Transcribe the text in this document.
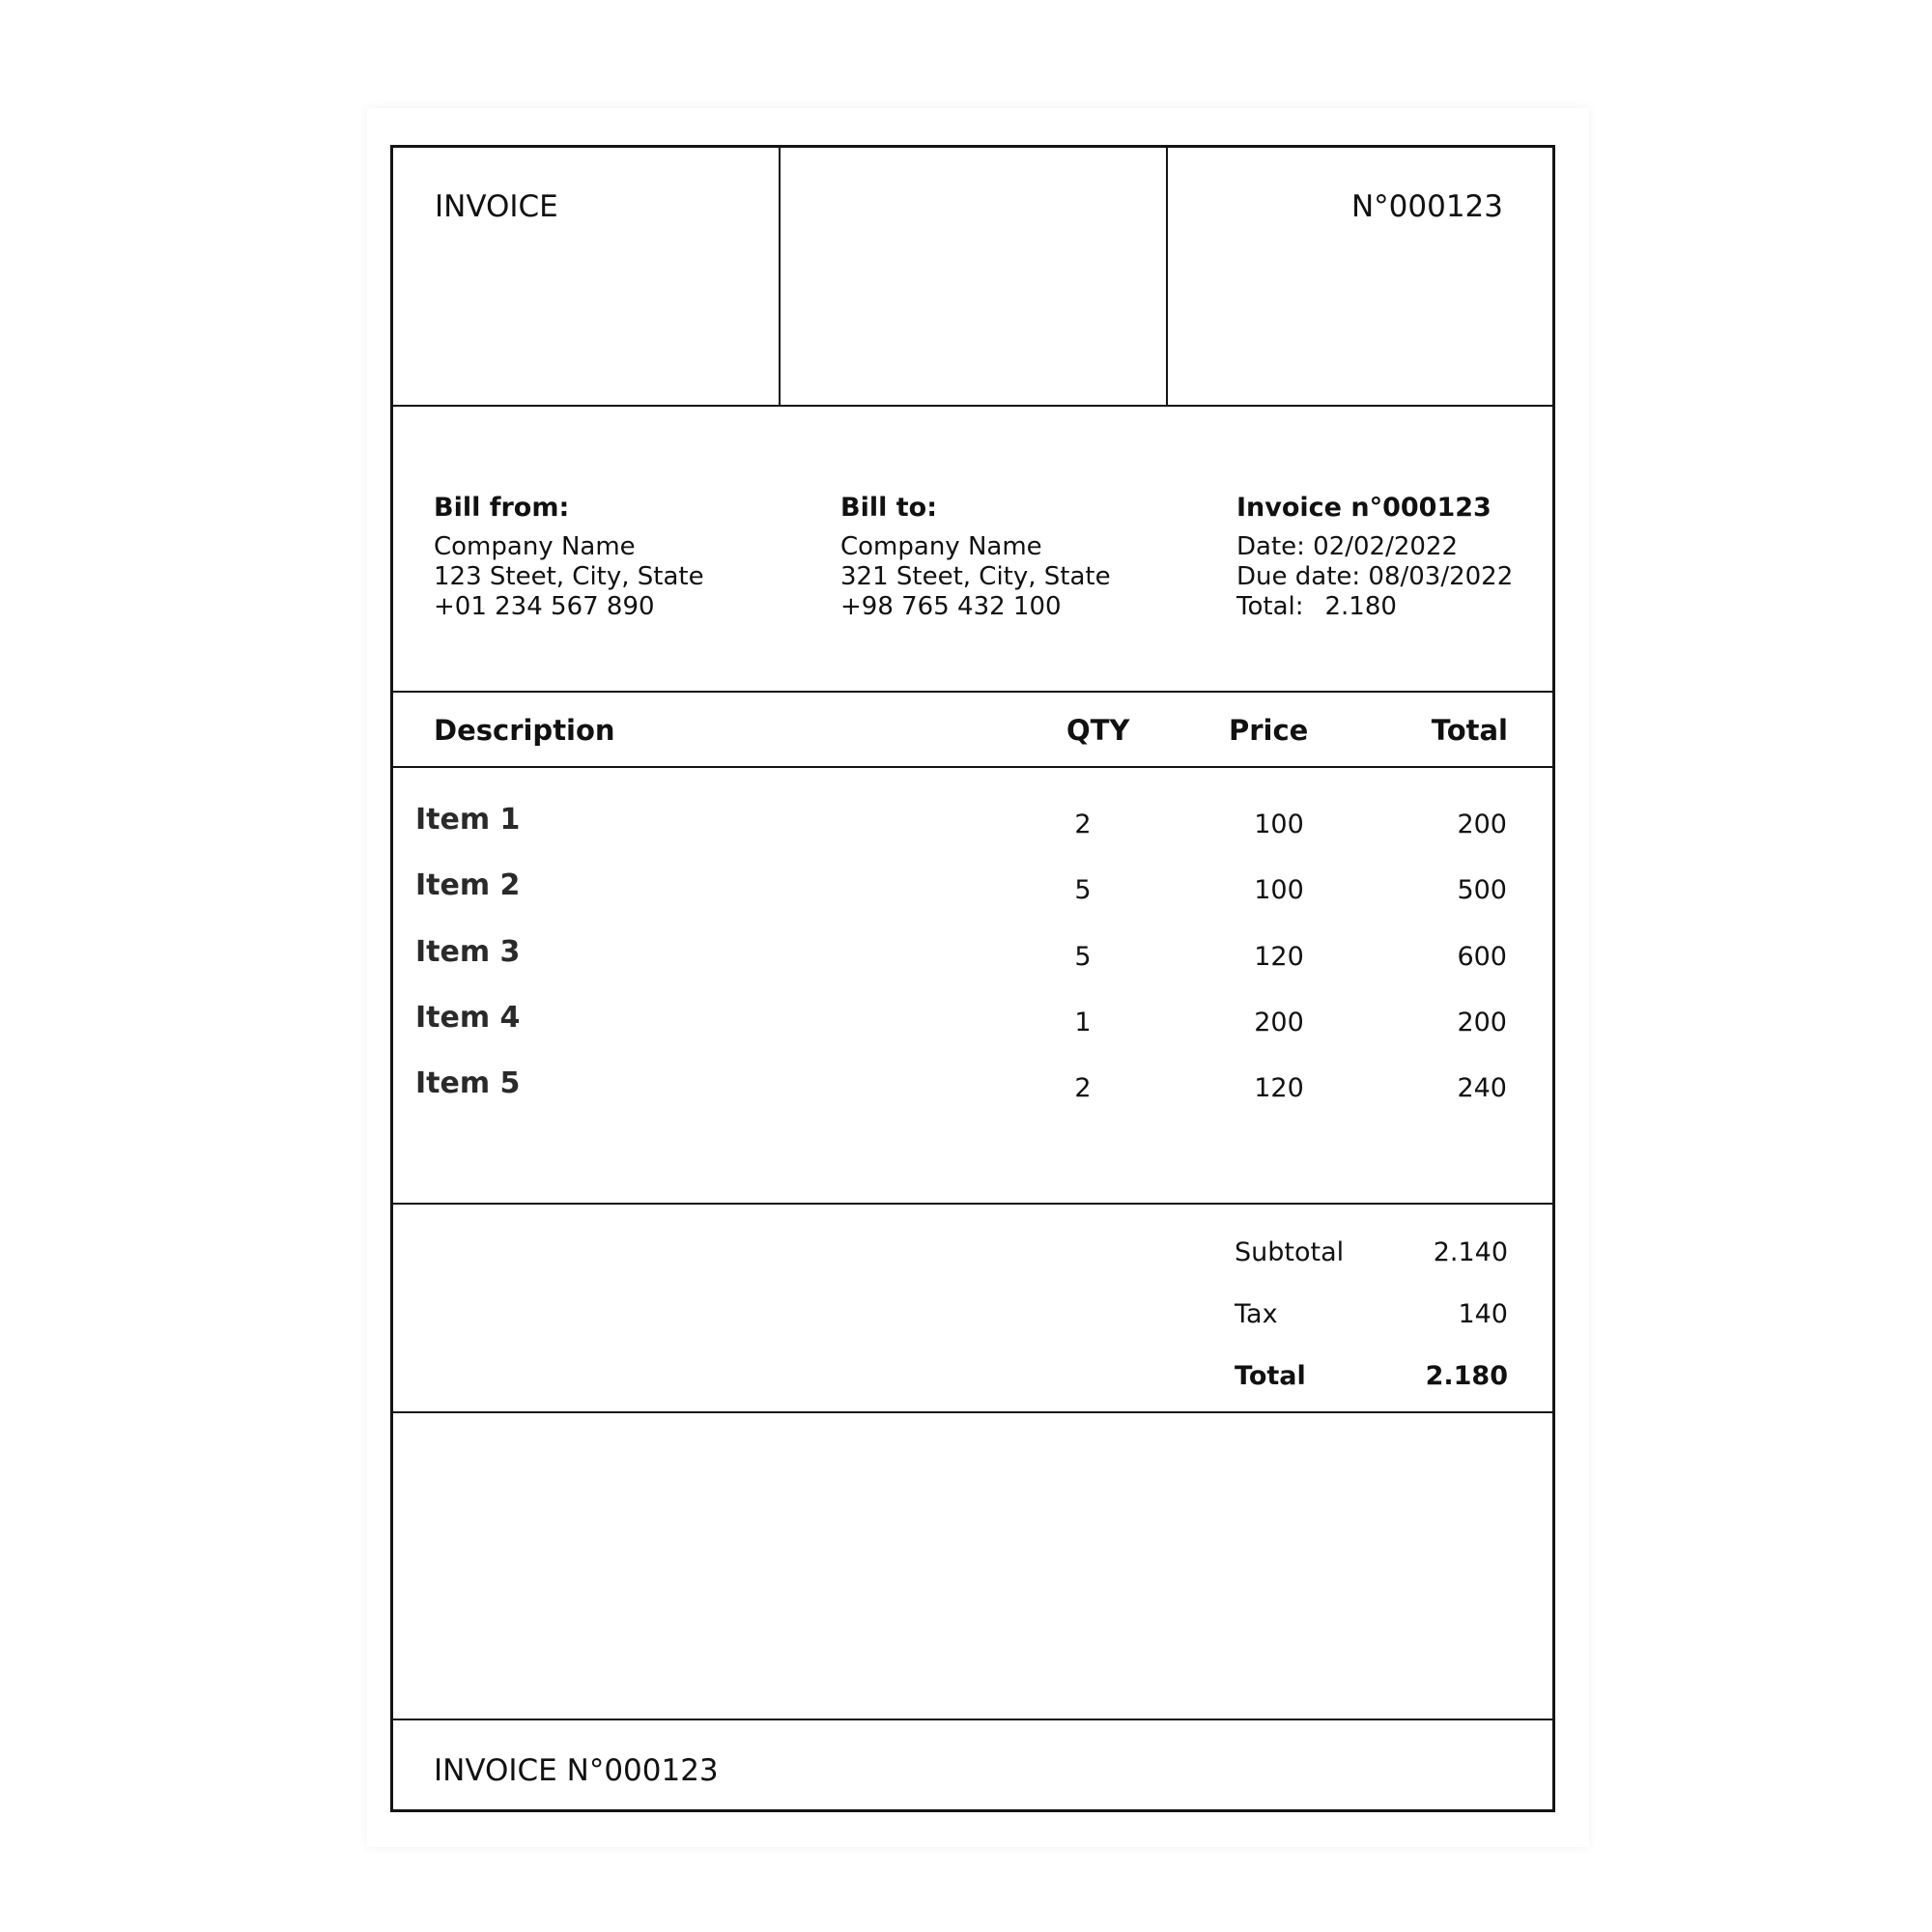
INVOICE	N°000123
Bill from:
Company Name
123 Steet, City, State
+01 234 567 890
Bill to:
Company Name
321 Steet, City, State
+98 765 432 100
Invoice n°000123
Date: 02/02/2022
Due date: 08/03/2022
Total: 2.180
Description	QTY	Price	Total
Item 1	2	100	200
Item 2	5	100	500
Item 3	5	120	600
Item 4	1	200	200
Item 5	2	120	240
Subtotal	2.140
Tax	140
Total	2.180
INVOICE N°000123
